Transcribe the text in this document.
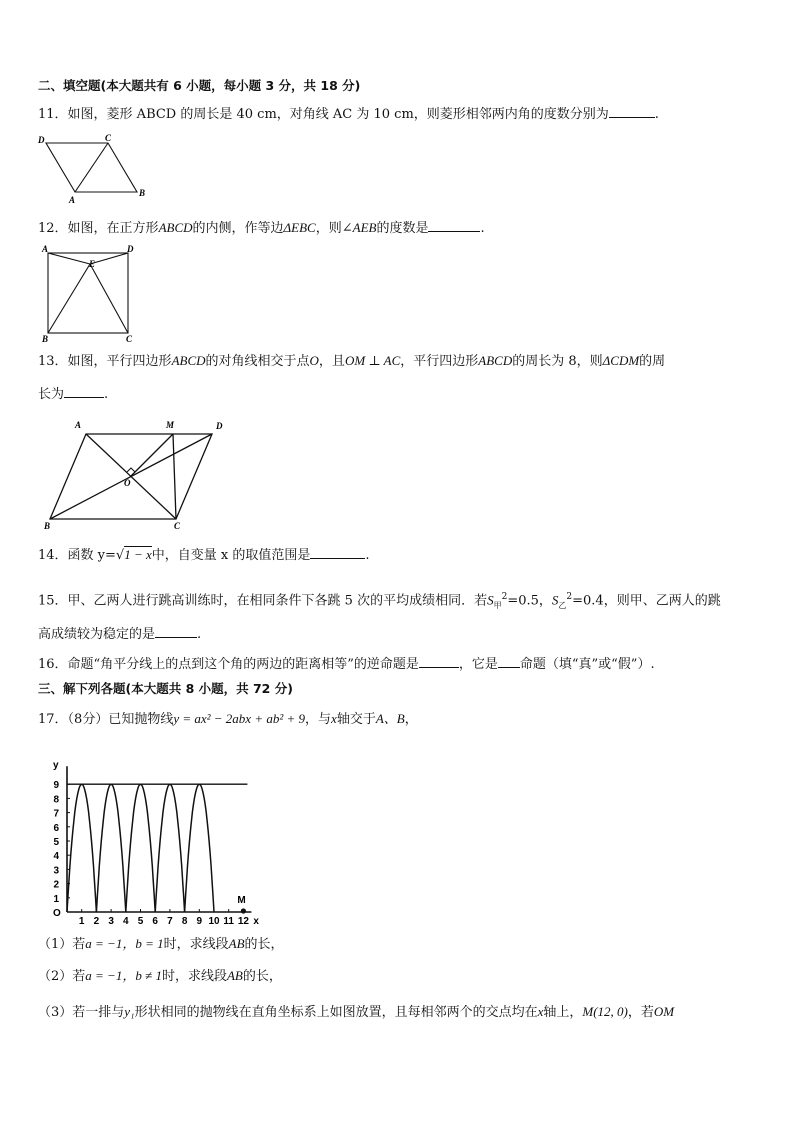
二、填空题(本大题共有 6 小题，每小题 3 分，共 18 分)
11．如图，菱形 ABCD 的周长是 40 cm，对角线 AC 为 10 cm，则菱形相邻两内角的度数分别为	.
D	C
B
A
12．如图，在正方形ABCD的内侧，作等边ΔEBC，则∠AEB的度数是	.
A	D
E
B	C
13．如图，平行四边形ABCD的对角线相交于点O，且OM ⊥ AC，平行四边形ABCD的周长为 8，则ΔCDM的周
长为	.
A	M	D
O
B	C
14．函数 y=√1 − x中，自变量 x 的取值范围是	.
15．甲、乙两人进行跳高训练时，在相同条件下各跳 5 次的平均成绩相同．若$S_甲^2=0.5$，$S_乙^2=0.4$，则甲、乙两人的跳
高成绩较为稳定的是	.
16．命题“角平分线上的点到这个角的两边的距离相等”的逆命题是	，它是 命题（填“真”或“假”）.
三、解下列各题(本大题共 8 小题，共 72 分)
17．（8分）已知抛物线y = ax² − 2abx + ab² + 9，与x轴交于A、B，
1 2 3 4 5 6 7 8 9 10 11 12
1
2
3
4
5
6
7
8
9
O
x
y
M
（1）若a = −1，b = 1时，求线段AB的长，
（2）若a = −1，b ≠ 1时，求线段AB的长，
（3）若一排与y₁形状相同的抛物线在直角坐标系上如图放置，且每相邻两个的交点均在x轴上，M(12, 0)，若OM
